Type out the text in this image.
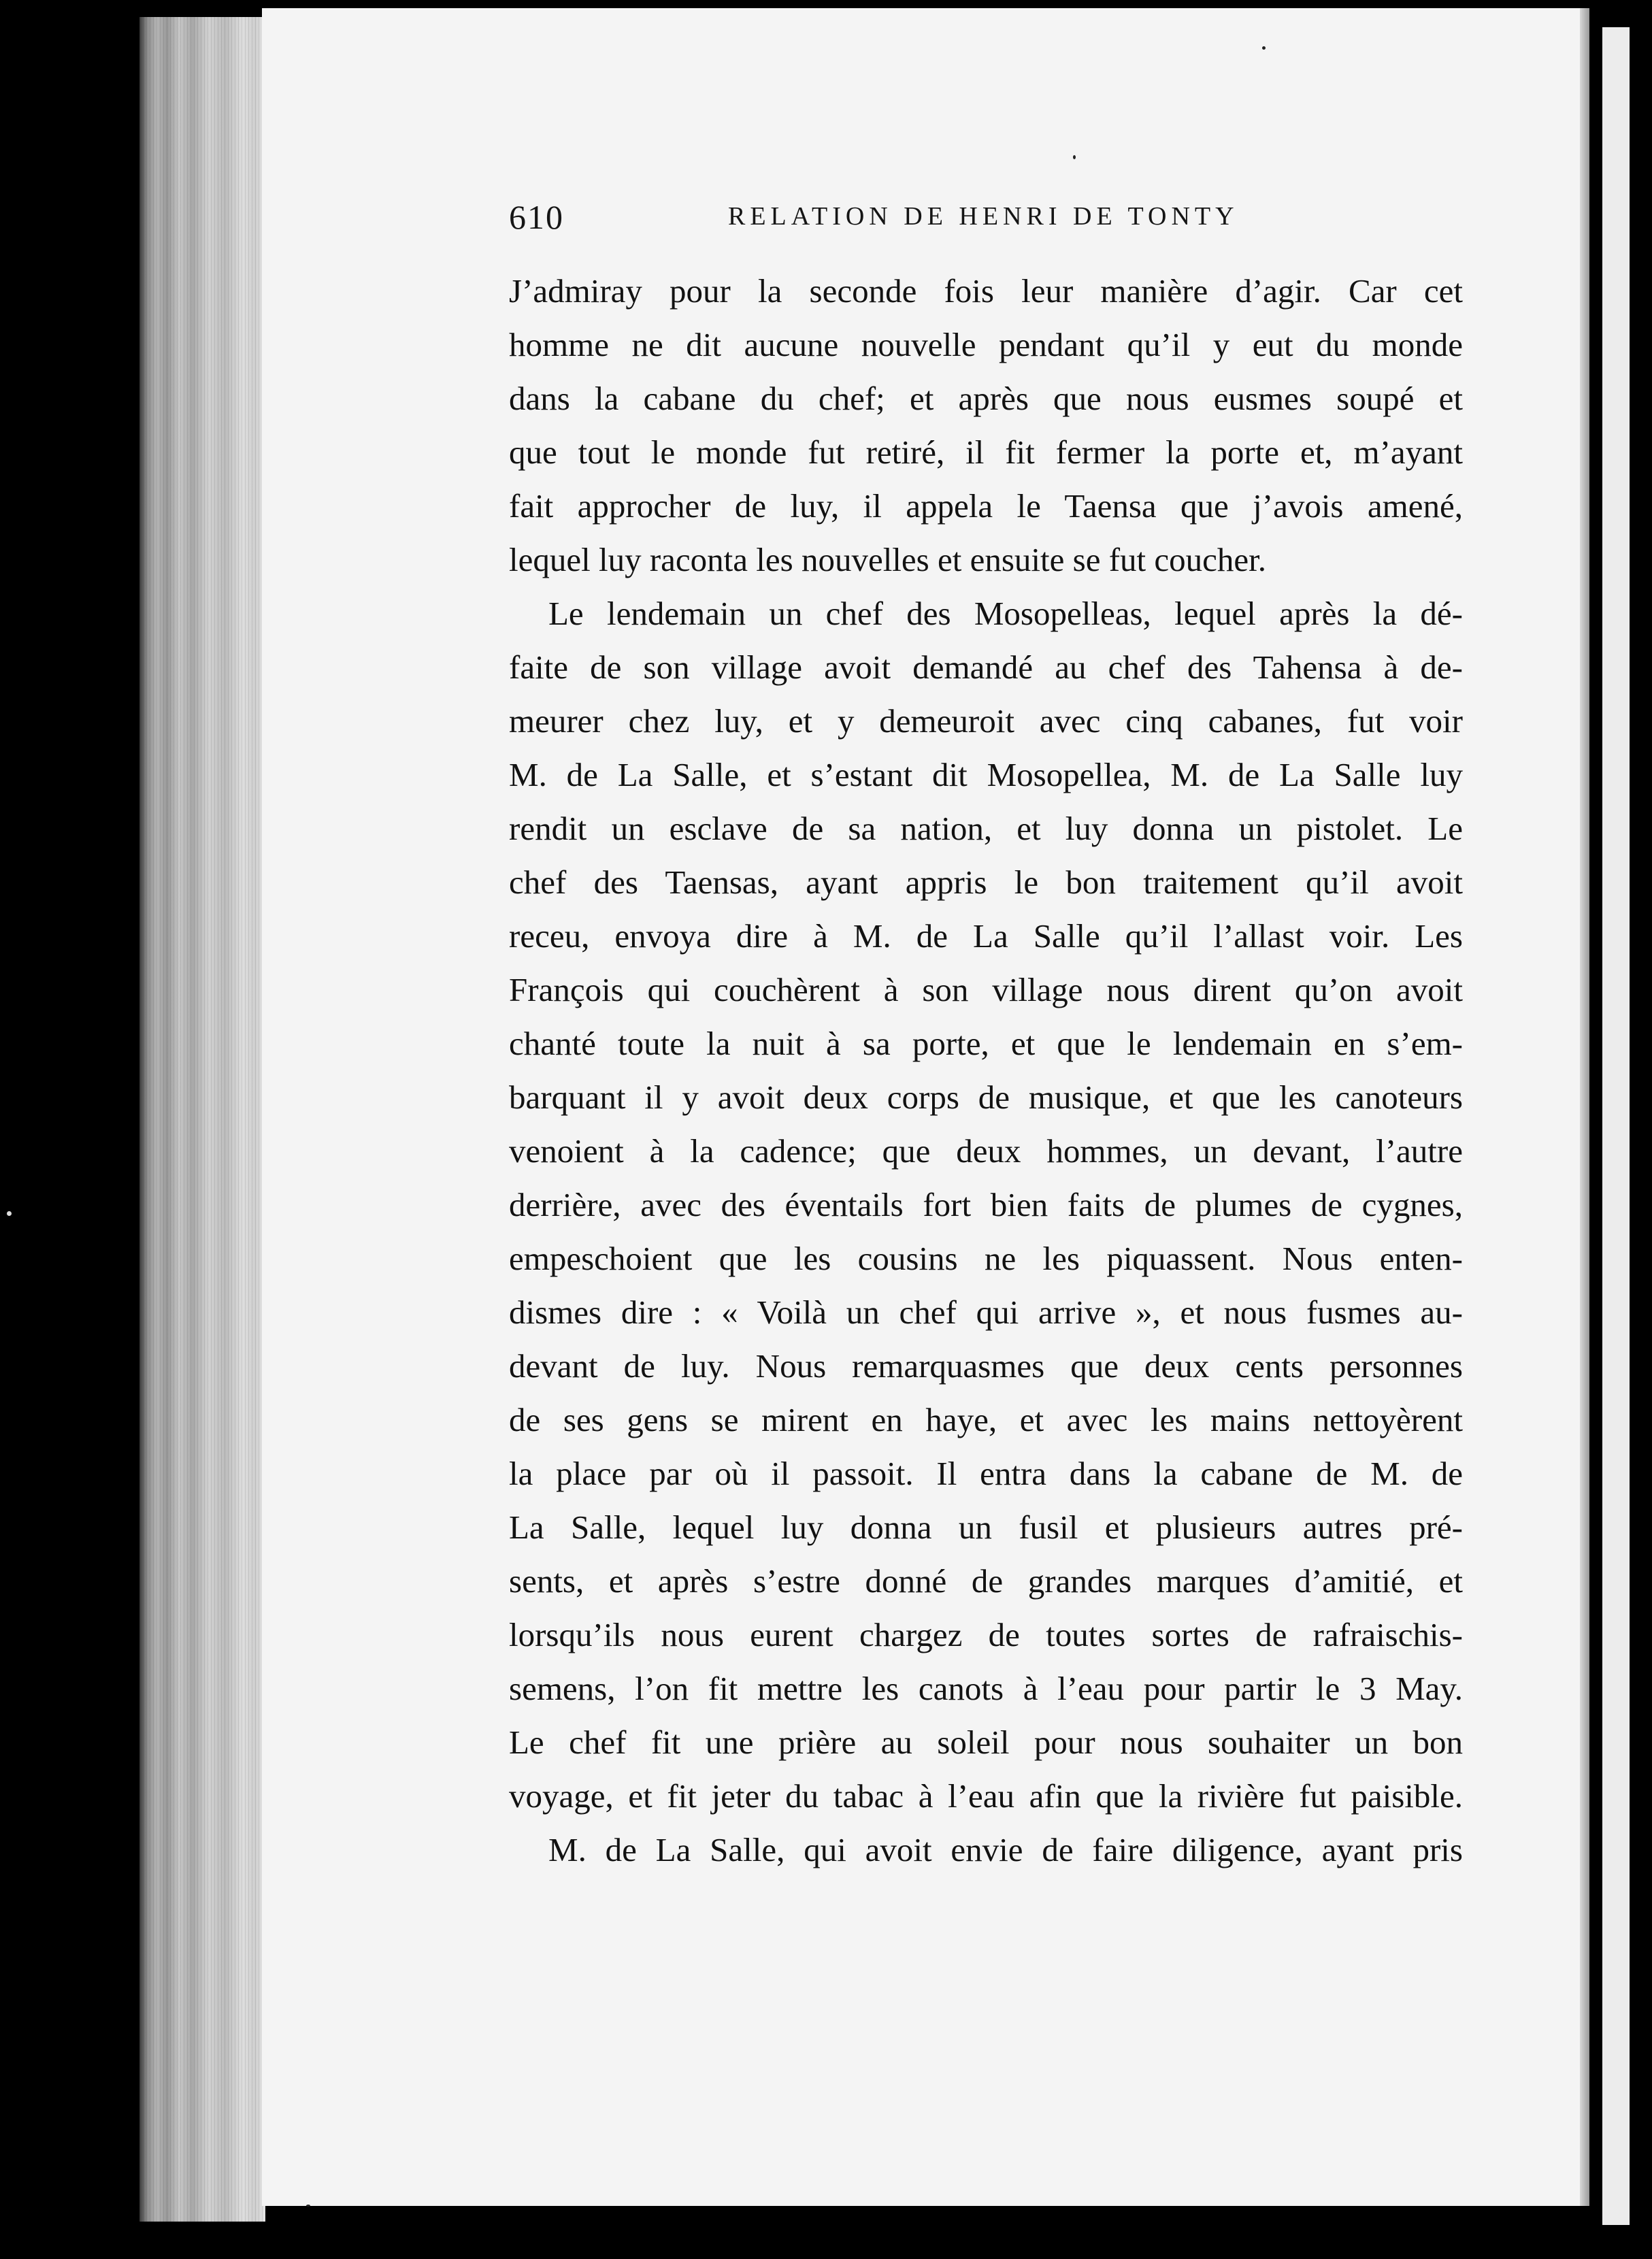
610	RELATION DE HENRI DE TONTY
J’admiray pour la seconde fois leur manière d’agir. Car cet
homme ne dit aucune nouvelle pendant qu’il y eut du monde
dans la cabane du chef; et après que nous eusmes soupé et
que tout le monde fut retiré, il fit fermer la porte et, m’ayant
fait approcher de luy, il appela le Taensa que j’avois amené,
lequel luy raconta les nouvelles et ensuite se fut coucher.
Le lendemain un chef des Mosopelleas, lequel après la dé-
faite de son village avoit demandé au chef des Tahensa à de-
meurer chez luy, et y demeuroit avec cinq cabanes, fut voir
M. de La Salle, et s’estant dit Mosopellea, M. de La Salle luy
rendit un esclave de sa nation, et luy donna un pistolet. Le
chef des Taensas, ayant appris le bon traitement qu’il avoit
receu, envoya dire à M. de La Salle qu’il l’allast voir. Les
François qui couchèrent à son village nous dirent qu’on avoit
chanté toute la nuit à sa porte, et que le lendemain en s’em-
barquant il y avoit deux corps de musique, et que les canoteurs
venoient à la cadence; que deux hommes, un devant, l’autre
derrière, avec des éventails fort bien faits de plumes de cygnes,
empeschoient que les cousins ne les piquassent. Nous enten-
dismes dire : « Voilà un chef qui arrive », et nous fusmes au-
devant de luy. Nous remarquasmes que deux cents personnes
de ses gens se mirent en haye, et avec les mains nettoyèrent
la place par où il passoit. Il entra dans la cabane de M. de
La Salle, lequel luy donna un fusil et plusieurs autres pré-
sents, et après s’estre donné de grandes marques d’amitié, et
lorsqu’ils nous eurent chargez de toutes sortes de rafraischis-
semens, l’on fit mettre les canots à l’eau pour partir le 3 May.
Le chef fit une prière au soleil pour nous souhaiter un bon
voyage, et fit jeter du tabac à l’eau afin que la rivière fut paisible.
M. de La Salle, qui avoit envie de faire diligence, ayant pris
